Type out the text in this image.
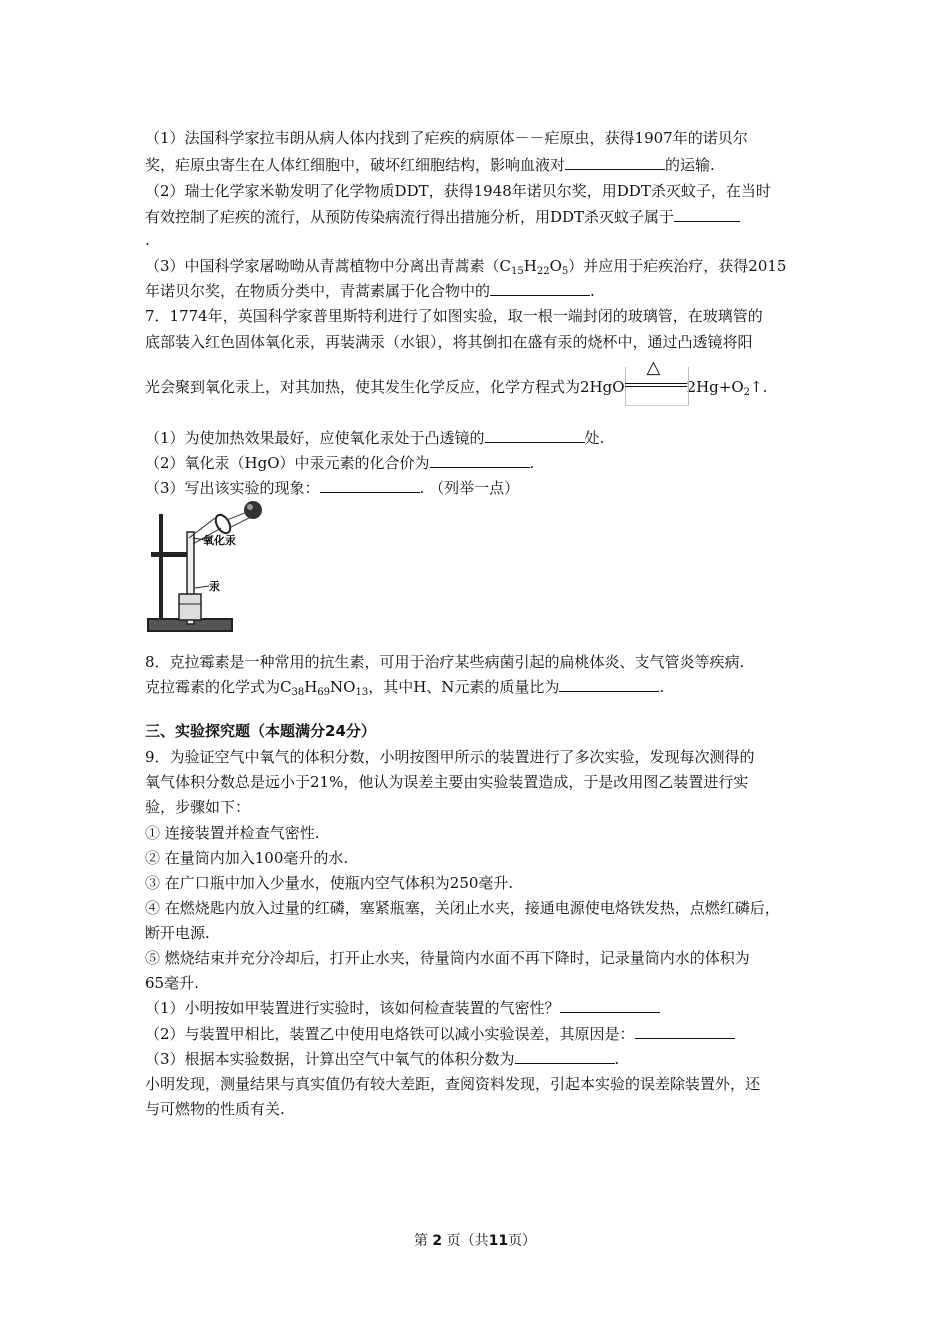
（1）法国科学家拉韦朗从病人体内找到了疟疾的病原体－－疟原虫，获得1907年的诺贝尔
奖，疟原虫寄生在人体红细胞中，破坏红细胞结构，影响血液对	的运输.
（2）瑞士化学家米勒发明了化学物质DDT，获得1948年诺贝尔奖，用DDT杀灭蚊子，在当时
有效控制了疟疾的流行，从预防传染病流行得出措施分析，用DDT杀灭蚊子属于
.
（3）中国科学家屠呦呦从青蒿植物中分离出青蒿素$(C_{15}H_{22}O_5)$并应用于疟疾治疗，获得2015
年诺贝尔奖，在物质分类中，青蒿素属于化合物中的	.
7．1774年，英国科学家普里斯特利进行了如图实验，取一根一端封闭的玻璃管，在玻璃管的
底部装入红色固体氧化汞，再装满汞（水银），将其倒扣在盛有汞的烧杯中，通过凸透镜将阳
光会聚到氧化汞上，对其加热，使其发生化学反应，化学方程式为2HgO
△
$2Hg+O_2↑$.
（1）为使加热效果最好，应使氧化汞处于凸透镜的	处.
（2）氧化汞（HgO）中汞元素的化合价为	.
（3）写出该实验的现象：	. （列举一点）
氧化汞
汞
8．克拉霉素是一种常用的抗生素，可用于治疗某些病菌引起的扁桃体炎、支气管炎等疾病.
克拉霉素的化学式为$C_{38}H_{69}NO_{13}$，其中H、N元素的质量比为	.
三、实验探究题（本题满分24分）
9．为验证空气中氧气的体积分数，小明按图甲所示的装置进行了多次实验，发现每次测得的
氧气体积分数总是远小于21%，他认为误差主要由实验装置造成，于是改用图乙装置进行实
验，步骤如下：
① 连接装置并检查气密性.
② 在量筒内加入100毫升的水.
③ 在广口瓶中加入少量水，使瓶内空气体积为250毫升.
④ 在燃烧匙内放入过量的红磷，塞紧瓶塞，关闭止水夹，接通电源使电烙铁发热，点燃红磷后，
断开电源.
⑤ 燃烧结束并充分冷却后，打开止水夹，待量筒内水面不再下降时，记录量筒内水的体积为
65毫升.
（1）小明按如甲装置进行实验时，该如何检查装置的气密性？
（2）与装置甲相比，装置乙中使用电烙铁可以减小实验误差，其原因是：
（3）根据本实验数据，计算出空气中氧气的体积分数为	.
小明发现，测量结果与真实值仍有较大差距，查阅资料发现，引起本实验的误差除装置外，还
与可燃物的性质有关.
第 2 页（共11页）
